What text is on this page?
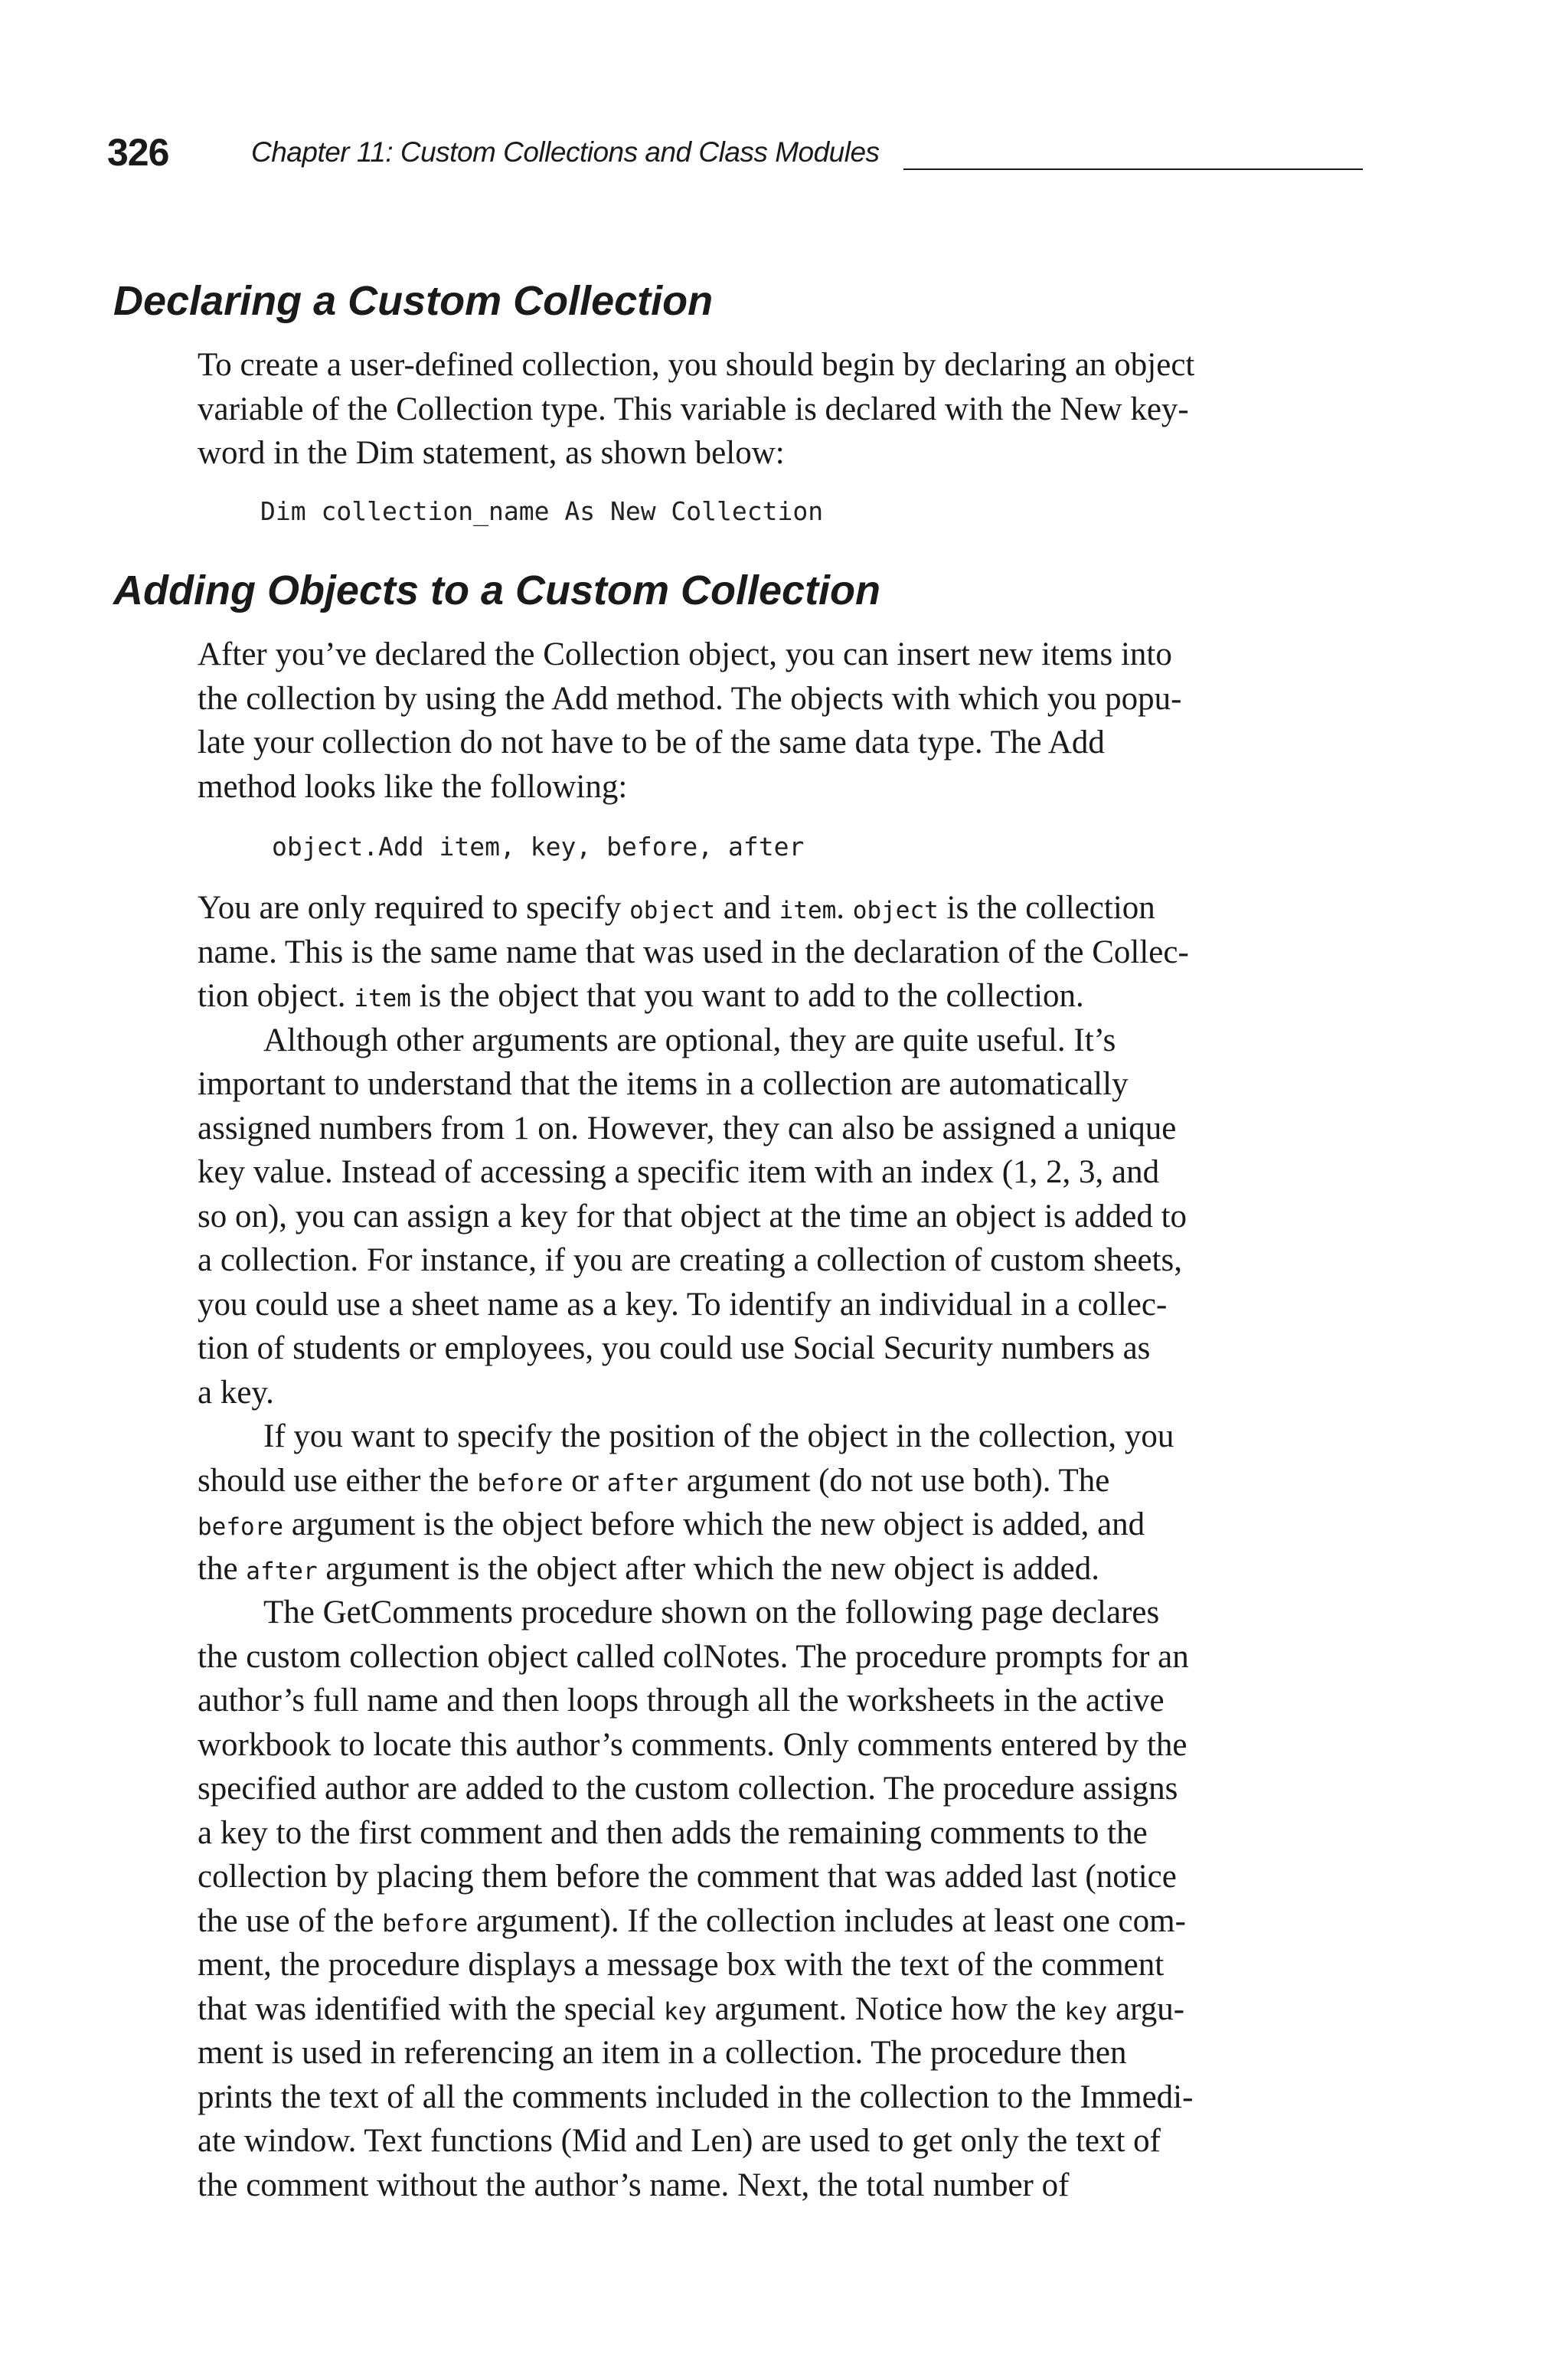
326	Chapter 11: Custom Collections and Class Modules
Declaring a Custom Collection
To create a user-defined collection, you should begin by declaring an object
variable of the Collection type. This variable is declared with the New key-
word in the Dim statement, as shown below:
Dim collection_name As New Collection
Adding Objects to a Custom Collection
After you’ve declared the Collection object, you can insert new items into
the collection by using the Add method. The objects with which you popu-
late your collection do not have to be of the same data type. The Add
method looks like the following:
object.Add item, key, before, after
You are only required to specify object and item. object is the collection
name. This is the same name that was used in the declaration of the Collec-
tion object. item is the object that you want to add to the collection.
Although other arguments are optional, they are quite useful. It’s
important to understand that the items in a collection are automatically
assigned numbers from 1 on. However, they can also be assigned a unique
key value. Instead of accessing a specific item with an index (1, 2, 3, and
so on), you can assign a key for that object at the time an object is added to
a collection. For instance, if you are creating a collection of custom sheets,
you could use a sheet name as a key. To identify an individual in a collec-
tion of students or employees, you could use Social Security numbers as
a key.
If you want to specify the position of the object in the collection, you
should use either the before or after argument (do not use both). The
before argument is the object before which the new object is added, and
the after argument is the object after which the new object is added.
The GetComments procedure shown on the following page declares
the custom collection object called colNotes. The procedure prompts for an
author’s full name and then loops through all the worksheets in the active
workbook to locate this author’s comments. Only comments entered by the
specified author are added to the custom collection. The procedure assigns
a key to the first comment and then adds the remaining comments to the
collection by placing them before the comment that was added last (notice
the use of the before argument). If the collection includes at least one com-
ment, the procedure displays a message box with the text of the comment
that was identified with the special key argument. Notice how the key argu-
ment is used in referencing an item in a collection. The procedure then
prints the text of all the comments included in the collection to the Immedi-
ate window. Text functions (Mid and Len) are used to get only the text of
the comment without the author’s name. Next, the total number of
